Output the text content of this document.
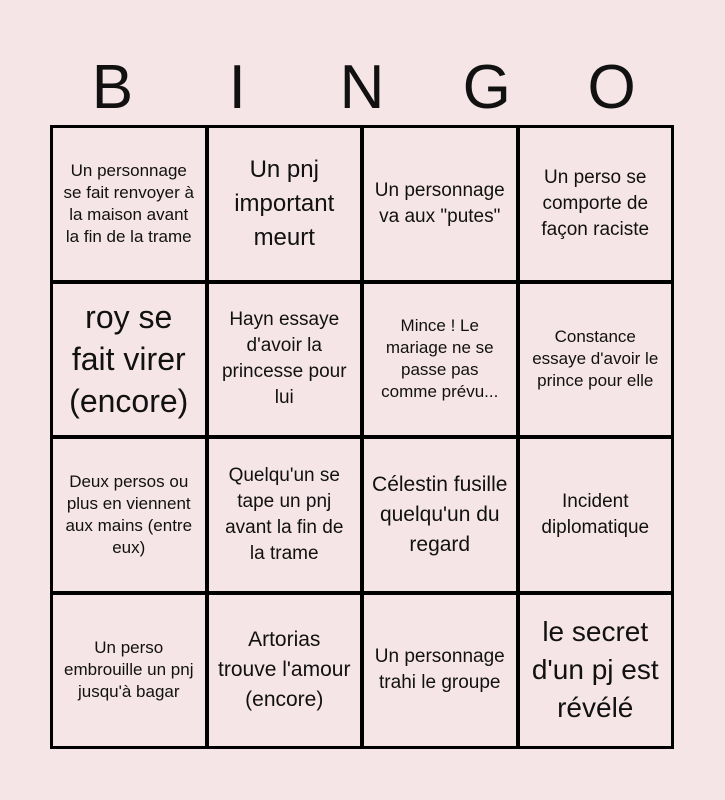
B	I	N	G	O
Un personnage se fait renvoyer à la maison avant la fin de la trame
Un pnj important meurt
Un personnage va aux "putes"
Un perso se comporte de façon raciste
roy se fait virer (encore)
Hayn essaye d'avoir la princesse pour lui
Mince ! Le mariage ne se passe pas comme prévu...
Constance essaye d'avoir le prince pour elle
Deux persos ou plus en viennent aux mains (entre eux)
Quelqu'un se tape un pnj avant la fin de la trame
Célestin fusille quelqu'un du regard
Incident diplomatique
Un perso embrouille un pnj jusqu'à bagar
Artorias trouve l'amour (encore)
Un personnage trahi le groupe
le secret d'un pj est révélé
